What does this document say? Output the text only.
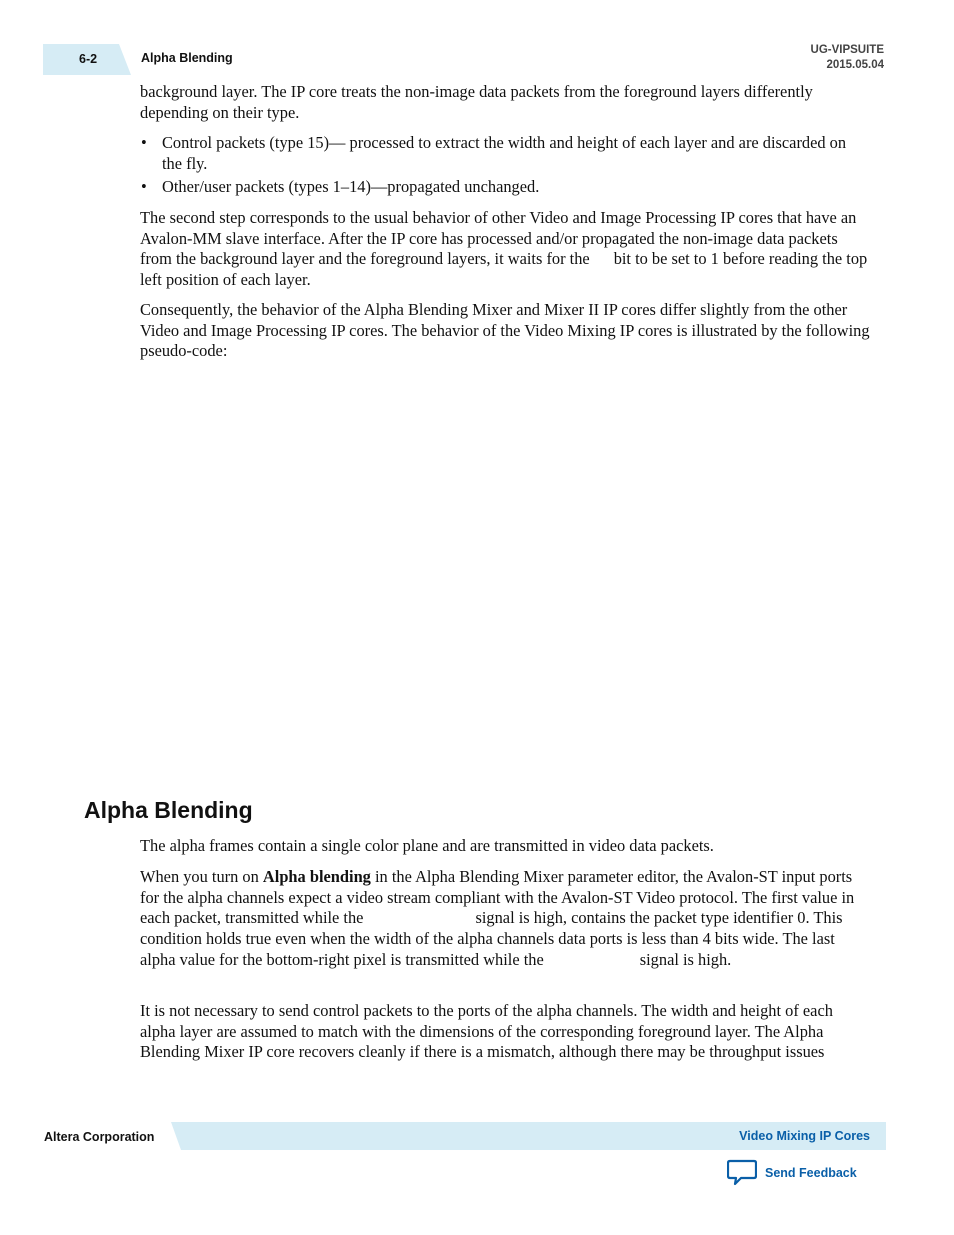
6-2	Alpha Blending
UG-VIPSUITE
2015.05.04

background layer. The IP core treats the non-image data packets from the foreground layers differently depending on their type.

• Control packets (type 15)— processed to extract the width and height of each layer and are discarded on the fly.
• Other/user packets (types 1–14)—propagated unchanged.

The second step corresponds to the usual behavior of other Video and Image Processing IP cores that have an Avalon-MM slave interface. After the IP core has processed and/or propagated the non-image data packets from the background layer and the foreground layers, it waits for the bit to be set to 1 before reading the top left position of each layer.

Consequently, the behavior of the Alpha Blending Mixer and Mixer II IP cores differ slightly from the other Video and Image Processing IP cores. The behavior of the Video Mixing IP cores is illustrated by the following pseudo-code:

Alpha Blending

The alpha frames contain a single color plane and are transmitted in video data packets.

When you turn on Alpha blending in the Alpha Blending Mixer parameter editor, the Avalon-ST input ports for the alpha channels expect a video stream compliant with the Avalon-ST Video protocol. The first value in each packet, transmitted while the	signal is high, contains the packet type identifier 0. This condition holds true even when the width of the alpha channels data ports is less than 4 bits wide. The last alpha value for the bottom-right pixel is transmitted while the	signal is high.

It is not necessary to send control packets to the ports of the alpha channels. The width and height of each alpha layer are assumed to match with the dimensions of the corresponding foreground layer. The Alpha Blending Mixer IP core recovers cleanly if there is a mismatch, although there may be throughput issues

Altera Corporation	Video Mixing IP Cores
Send Feedback
